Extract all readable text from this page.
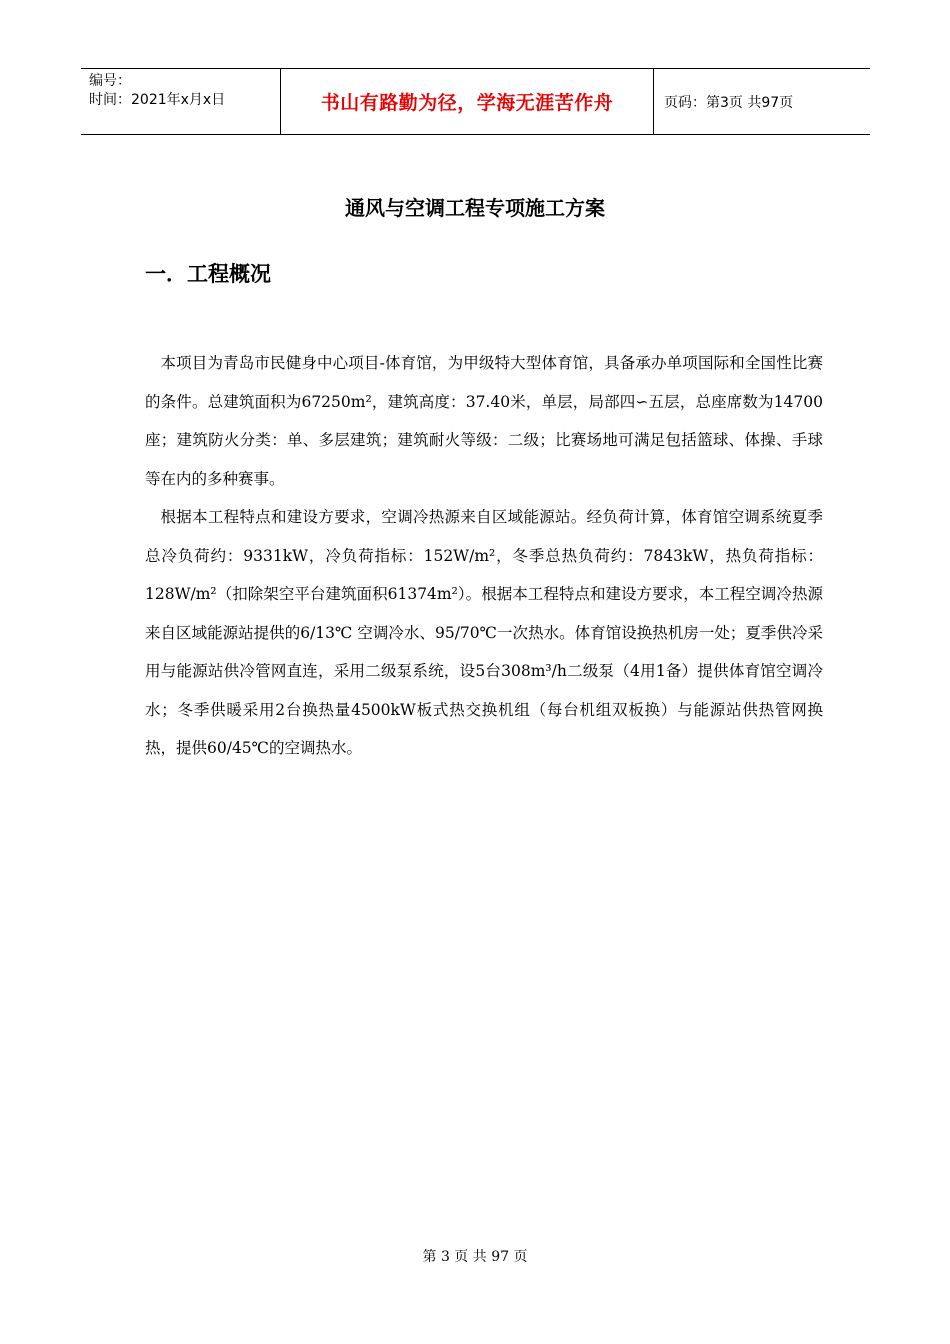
编号：
时间：2021年x月x日	书山有路勤为径，学海无涯苦作舟	页码：第3页 共97页
通风与空调工程专项施工方案
一．工程概况

本项目为青岛市民健身中心项目-体育馆，为甲级特大型体育馆，具备承办单项国际和全国性比赛的条件。总建筑面积为67250m²，建筑高度：37.40米，单层，局部四∽五层，总座席数为14700座；建筑防火分类：单、多层建筑；建筑耐火等级：二级；比赛场地可满足包括篮球、体操、手球等在内的多种赛事。

根据本工程特点和建设方要求，空调冷热源来自区域能源站。经负荷计算，体育馆空调系统夏季总冷负荷约：9331kW，冷负荷指标：152W/m²，冬季总热负荷约：7843kW，热负荷指标：128W/m²（扣除架空平台建筑面积61374m²）。根据本工程特点和建设方要求，本工程空调冷热源来自区域能源站提供的6/13℃ 空调冷水、95/70℃一次热水。体育馆设换热机房一处；夏季供冷采用与能源站供冷管网直连，采用二级泵系统，设5台308m³/h二级泵（4用1备）提供体育馆空调冷水；冬季供暖采用2台换热量4500kW板式热交换机组（每台机组双板换）与能源站供热管网换热，提供60/45℃的空调热水。

第 3 页 共 97 页
